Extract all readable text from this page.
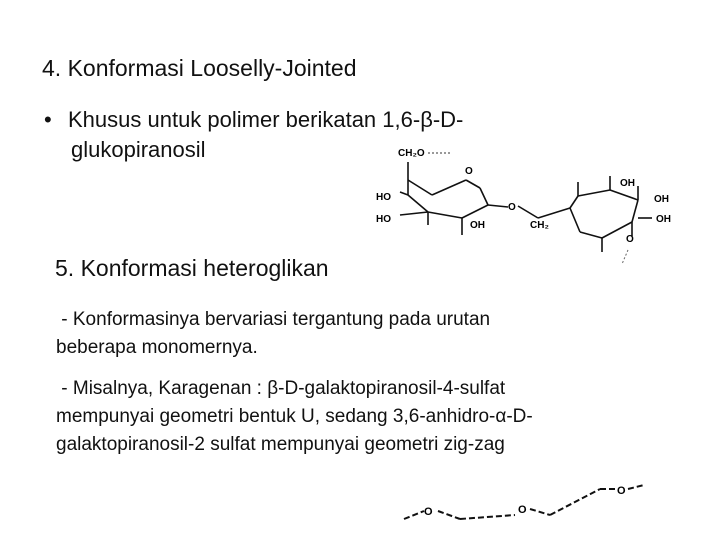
4. Konformasi Looselly-Jointed
• Khusus untuk polimer berikatan 1,6-β-D-
glukopiranosil	CH₂O
O
HO
HO
OH
O
CH₂
OH
OH
OH
O
5. Konformasi heteroglikan
- Konformasinya bervariasi tergantung pada urutan
beberapa monomernya.
- Misalnya, Karagenan : β-D-galaktopiranosil-4-sulfat
mempunyai geometri bentuk U, sedang 3,6-anhidro-α-D-
galaktopiranosil-2 sulfat mempunyai geometri zig-zag
O	O
O
